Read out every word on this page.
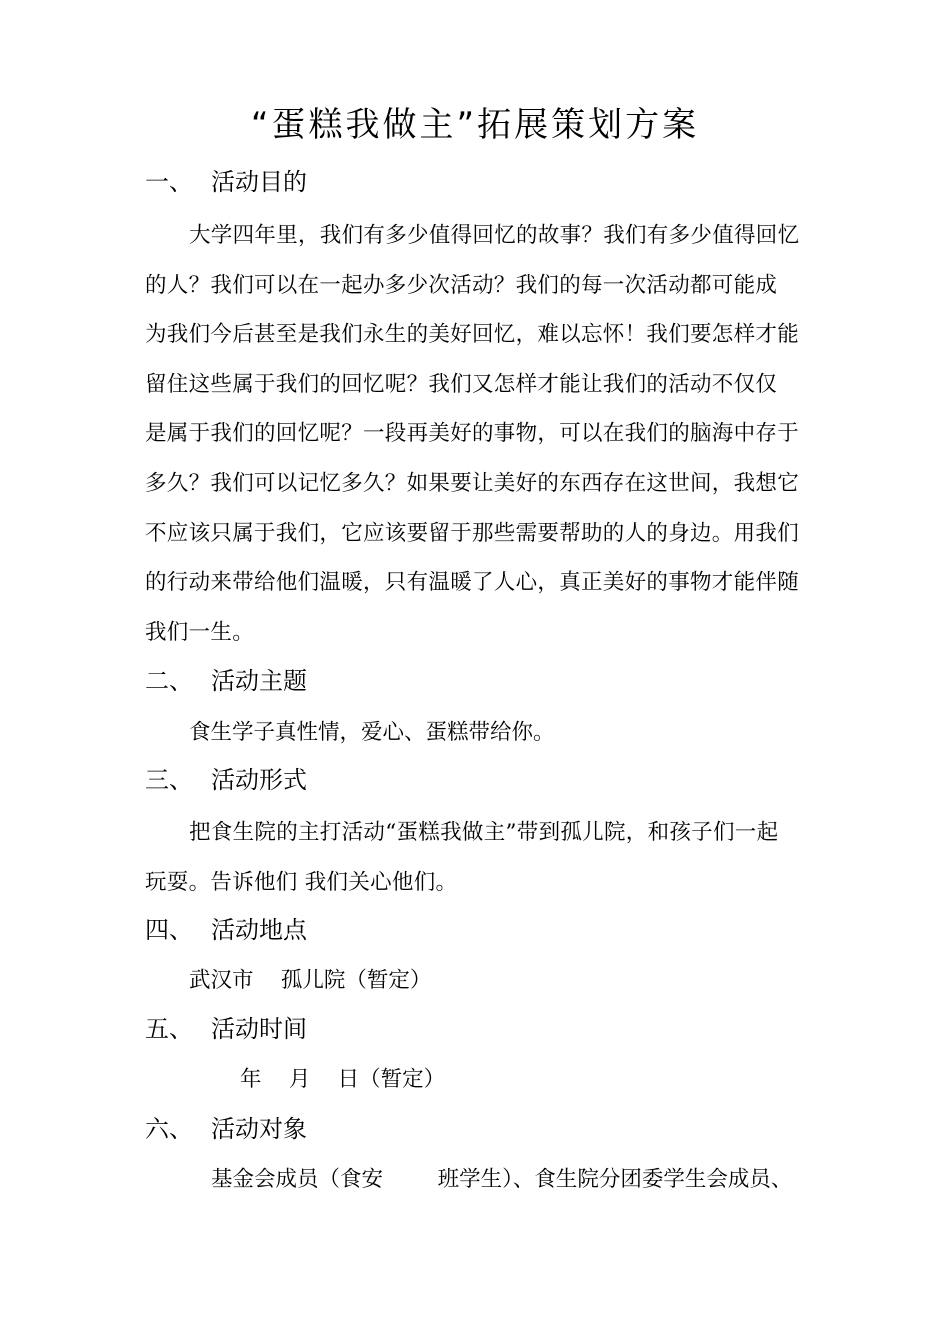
“蛋糕我做主”拓展策划方案
一、 活动目的
大学四年里，我们有多少值得回忆的故事？我们有多少值得回忆
的人？我们可以在一起办多少次活动？我们的每一次活动都可能成
为我们今后甚至是我们永生的美好回忆，难以忘怀！我们要怎样才能
留住这些属于我们的回忆呢？我们又怎样才能让我们的活动不仅仅
是属于我们的回忆呢？一段再美好的事物，可以在我们的脑海中存于
多久？我们可以记忆多久？如果要让美好的东西存在这世间，我想它
不应该只属于我们，它应该要留于那些需要帮助的人的身边。用我们
的行动来带给他们温暖，只有温暖了人心，真正美好的事物才能伴随
我们一生。
二、 活动主题
食生学子真性情，爱心、蛋糕带给你。
三、 活动形式
把食生院的主打活动“蛋糕我做主”带到孤儿院，和孩子们一起
玩耍。告诉他们 我们关心他们。
四、 活动地点
武汉市    孤儿院（暂定）
五、 活动时间
年    月    日（暂定）
六、 活动对象
基金会成员（食安        班学生）、食生院分团委学生会成员、
